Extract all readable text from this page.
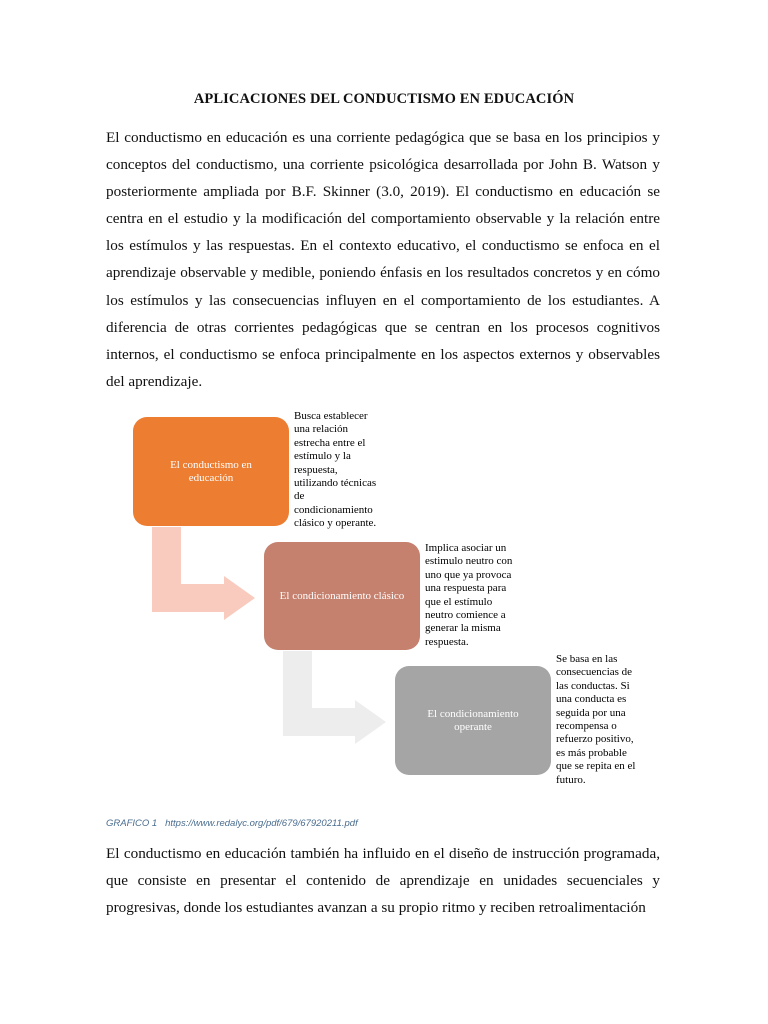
APLICACIONES DEL CONDUCTISMO EN EDUCACIÓN

El conductismo en educación es una corriente pedagógica que se basa en los principios y conceptos del conductismo, una corriente psicológica desarrollada por John B. Watson y posteriormente ampliada por B.F. Skinner (3.0, 2019). El conductismo en educación se centra en el estudio y la modificación del comportamiento observable y la relación entre los estímulos y las respuestas. En el contexto educativo, el conductismo se enfoca en el aprendizaje observable y medible, poniendo énfasis en los resultados concretos y en cómo los estímulos y las consecuencias influyen en el comportamiento de los estudiantes. A diferencia de otras corrientes pedagógicas que se centran en los procesos cognitivos internos, el conductismo se enfoca principalmente en los aspectos externos y observables del aprendizaje.

El conductismo en educación

Busca establecer
una relación
estrecha entre el
estímulo y la
respuesta,
utilizando técnicas
de
condicionamiento
clásico y operante.

El condicionamiento clásico

Implica asociar un
estimulo neutro con
uno que ya provoca
una respuesta para
que el estímulo
neutro comience a
generar la misma
respuesta.

El condicionamiento operante

Se basa en las
consecuencias de
las conductas. Si
una conducta es
seguida por una
recompensa o
refuerzo positivo,
es más probable
que se repita en el
futuro.

GRAFICO 1   https://www.redalyc.org/pdf/679/67920211.pdf

El conductismo en educación también ha influido en el diseño de instrucción programada, que consiste en presentar el contenido de aprendizaje en unidades secuenciales y progresivas, donde los estudiantes avanzan a su propio ritmo y reciben retroalimentación
